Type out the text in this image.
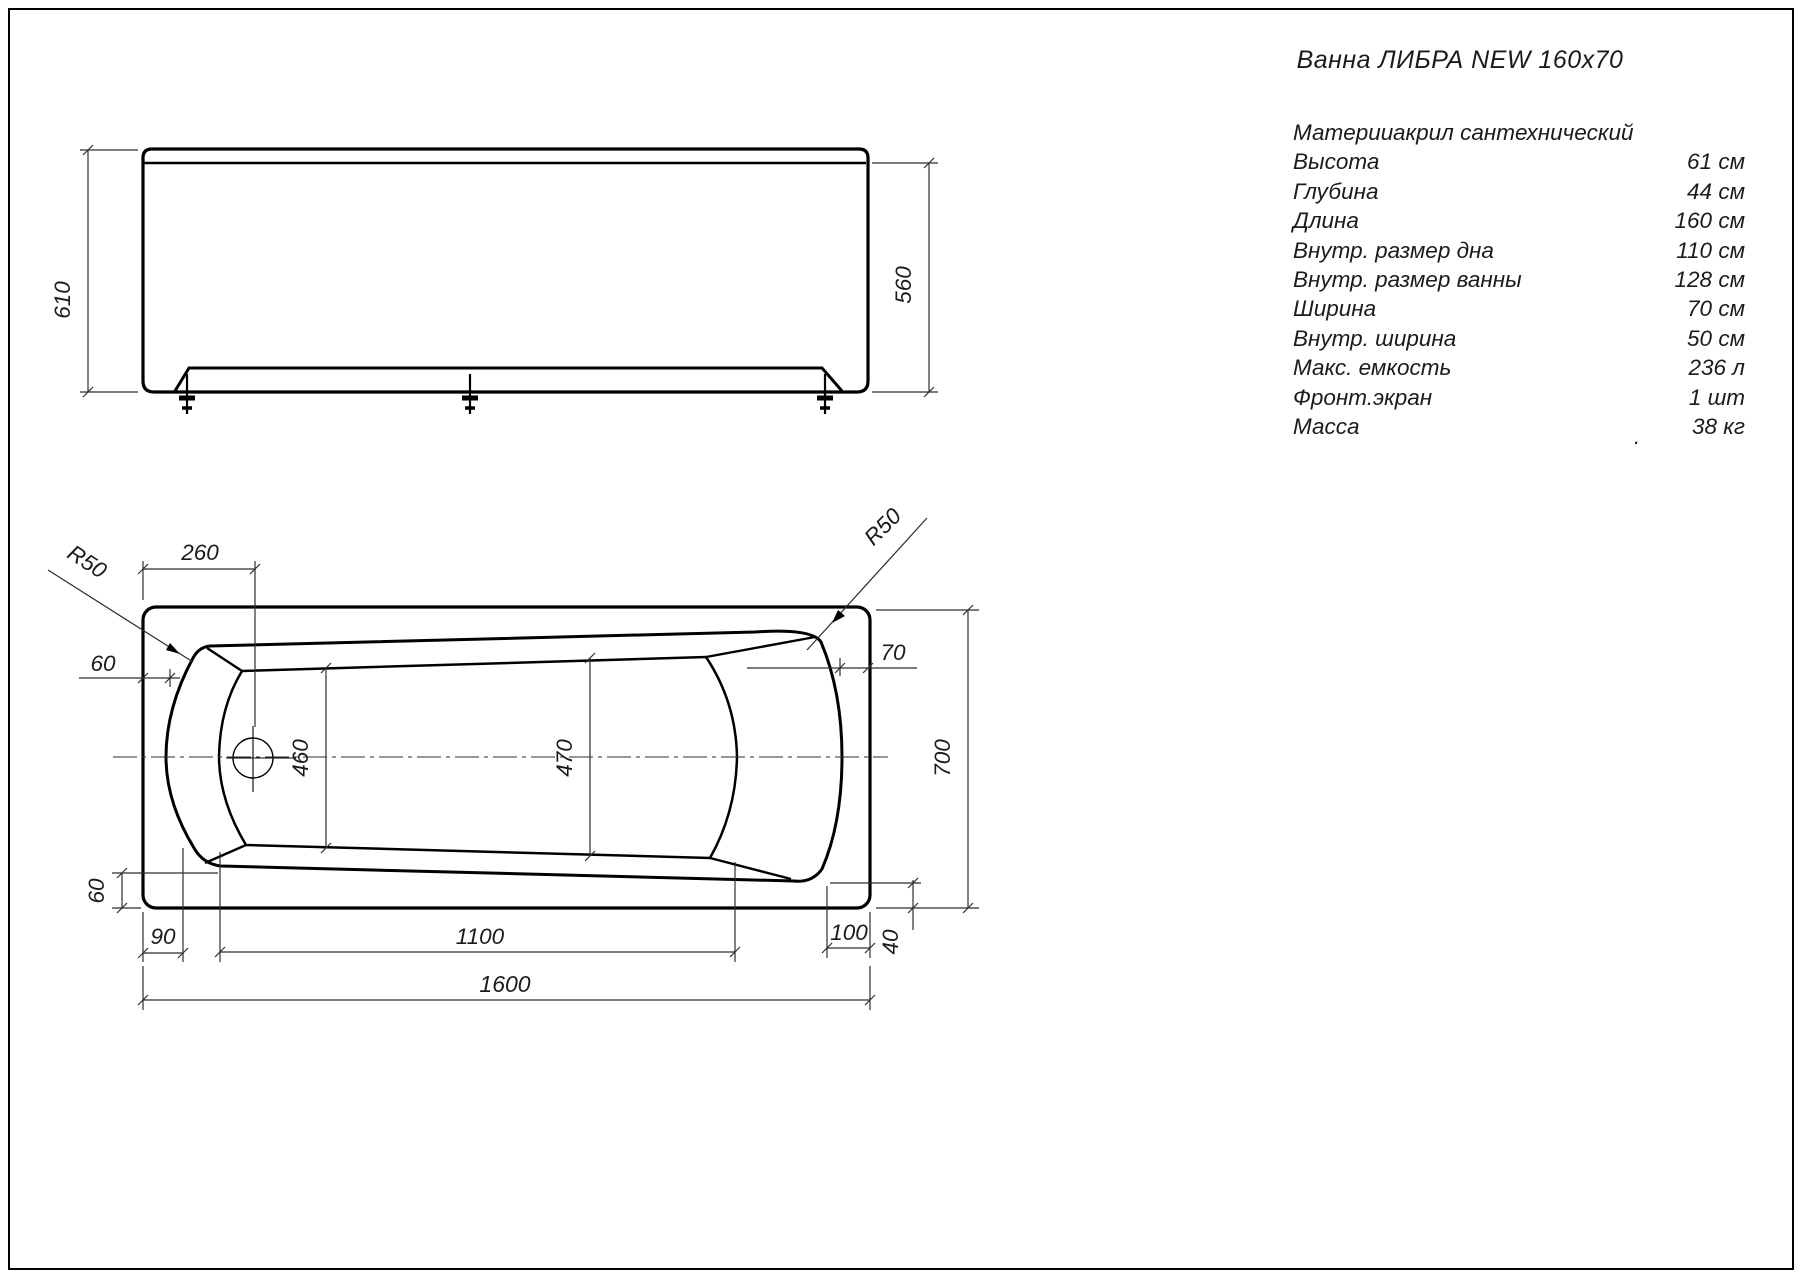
Ванна ЛИБРА NEW 160x70
Материи акрил сантехнический
Высота	61 см
Глубина	44 см
Длина	160 см
Внутр. размер дна	110 см
Внутр. размер ванны	128 см
Ширина	70 см
Внутр. ширина	50 см
Макс. емкость	236 л
Фронт.экран	1 шт
Масса	38 кг
.
610	560
260
60
R50
R50
70
700
460	470
60
90	1100	100 40
1600
